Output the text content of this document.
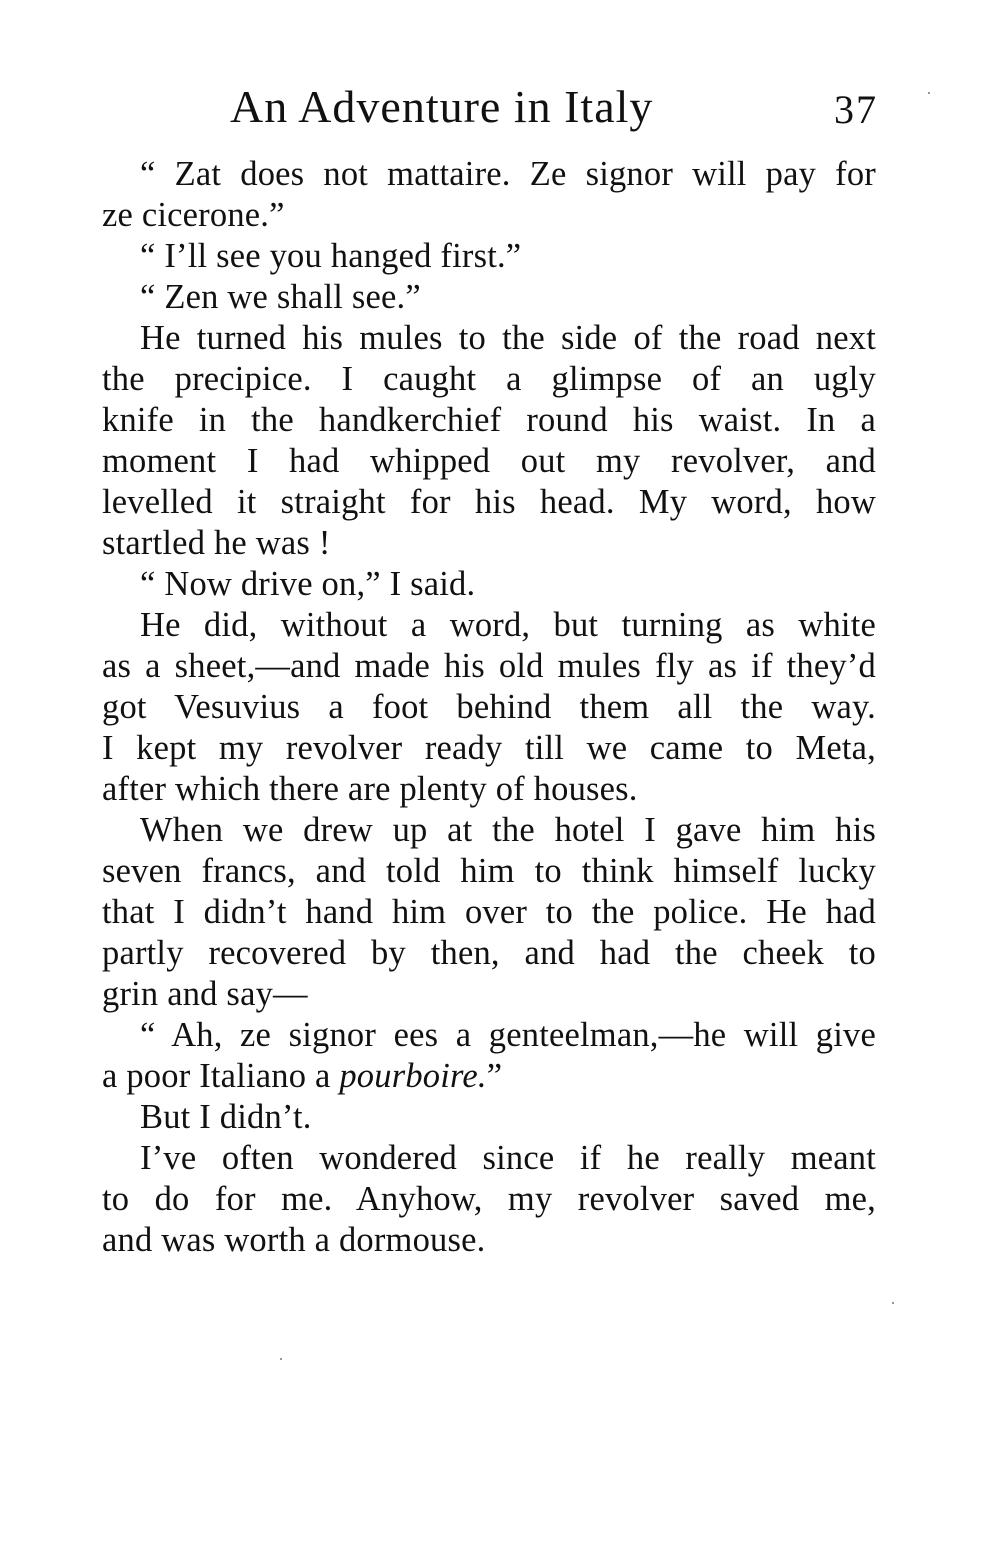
An Adventure in Italy	37
“ Zat does not mattaire. Ze signor will pay for
ze cicerone.”
“ I’ll see you hanged first.”
“ Zen we shall see.”
He turned his mules to the side of the road next
the precipice. I caught a glimpse of an ugly
knife in the handkerchief round his waist. In a
moment I had whipped out my revolver, and
levelled it straight for his head. My word, how
startled he was !
“ Now drive on,” I said.
He did, without a word, but turning as white
as a sheet,—and made his old mules fly as if they’d
got Vesuvius a foot behind them all the way.
I kept my revolver ready till we came to Meta,
after which there are plenty of houses.
When we drew up at the hotel I gave him his
seven francs, and told him to think himself lucky
that I didn’t hand him over to the police. He had
partly recovered by then, and had the cheek to
grin and say—
“ Ah, ze signor ees a genteelman,—he will give
a poor Italiano a pourboire.”
But I didn’t.
I’ve often wondered since if he really meant
to do for me. Anyhow, my revolver saved me,
and was worth a dormouse.
